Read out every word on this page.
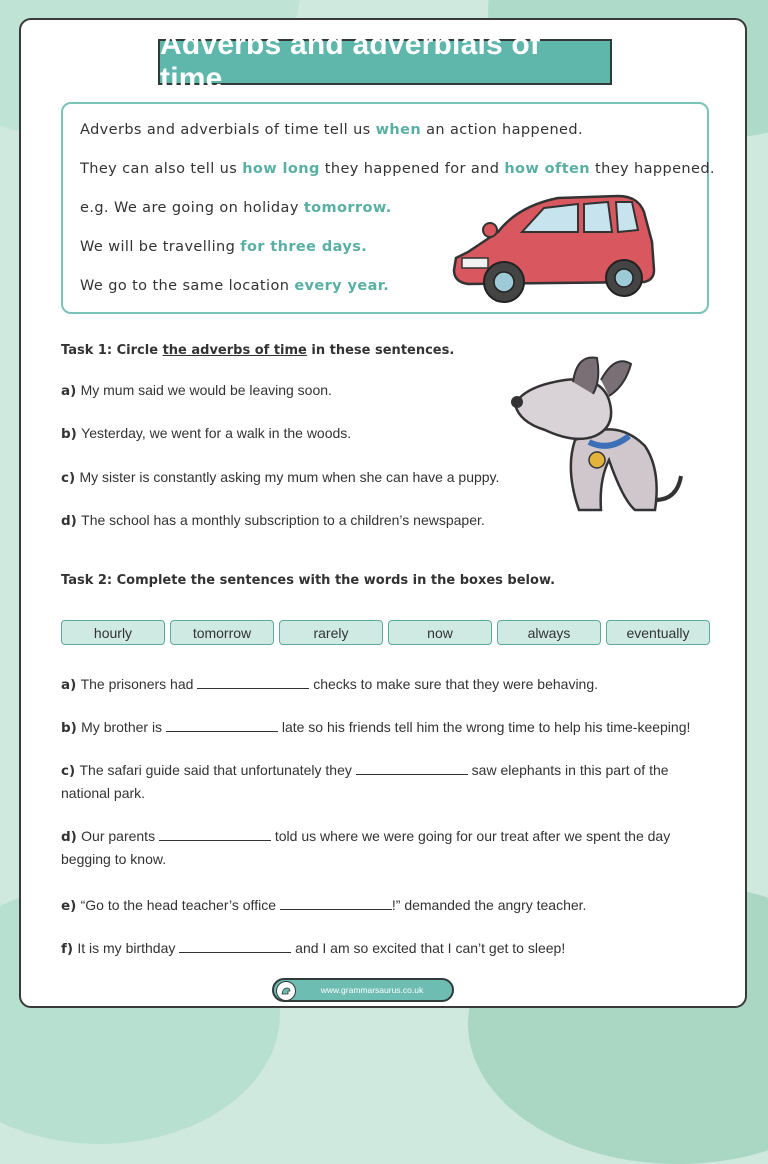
Adverbs and adverbials of time
Adverbs and adverbials of time tell us when an action happened.
They can also tell us how long they happened for and how often they happened.
e.g. We are going on holiday tomorrow.
We will be travelling for three days.
We go to the same location every year.
Task 1: Circle the adverbs of time in these sentences.
a) My mum said we would be leaving soon.
b) Yesterday, we went for a walk in the woods.
c) My sister is constantly asking my mum when she can have a puppy.
d) The school has a monthly subscription to a children’s newspaper.
Task 2: Complete the sentences with the words in the boxes below.
hourly	tomorrow	rarely	now	always	eventually
a) The prisoners had	checks to make sure that they were behaving.
b) My brother is	late so his friends tell him the wrong time to help his time-keeping!
c) The safari guide said that unfortunately they	saw elephants in this part of the national park.
d) Our parents	told us where we were going for our treat after we spent the day begging to know.
e) “Go to the head teacher’s office	!” demanded the angry teacher.
f) It is my birthday	and I am so excited that I can’t get to sleep!
www.grammarsaurus.co.uk
